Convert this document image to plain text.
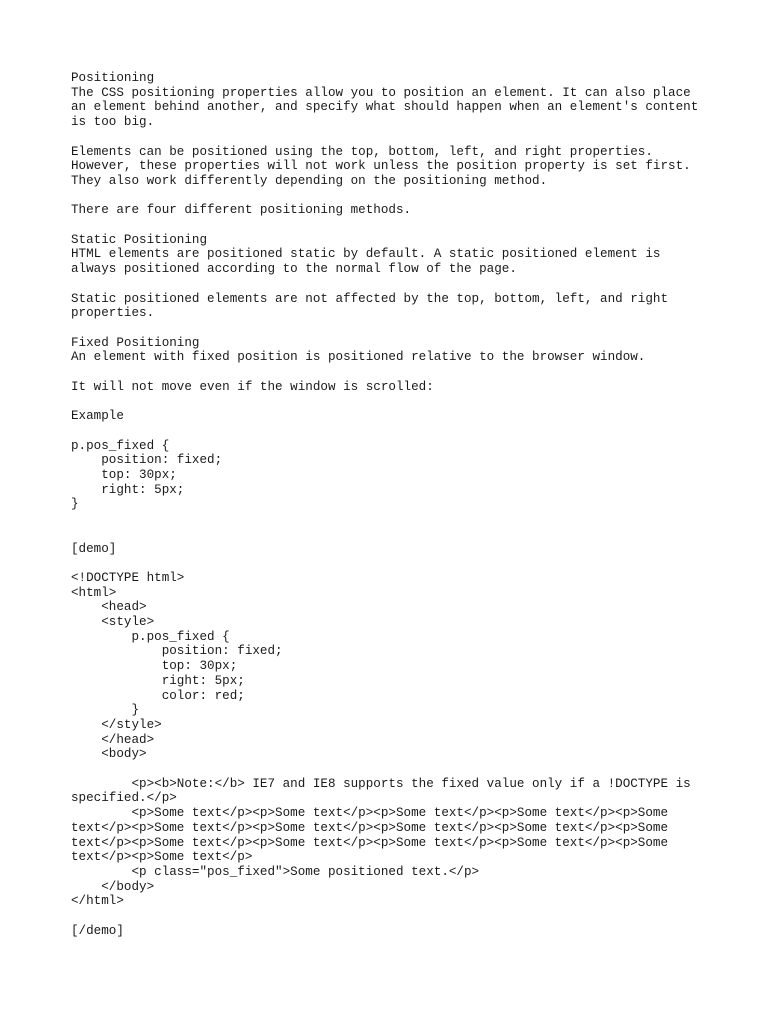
Positioning
The CSS positioning properties allow you to position an element. It can also place
an element behind another, and specify what should happen when an element's content
is too big.

Elements can be positioned using the top, bottom, left, and right properties.
However, these properties will not work unless the position property is set first.
They also work differently depending on the positioning method.

There are four different positioning methods.

Static Positioning
HTML elements are positioned static by default. A static positioned element is
always positioned according to the normal flow of the page.

Static positioned elements are not affected by the top, bottom, left, and right
properties.

Fixed Positioning
An element with fixed position is positioned relative to the browser window.

It will not move even if the window is scrolled:

Example

p.pos_fixed {
position: fixed;
top: 30px;
right: 5px;
}

[demo]

<!DOCTYPE html>
<html>
<head>
<style>
p.pos_fixed {
position: fixed;
top: 30px;
right: 5px;
color: red;
}
</style>
</head>
<body>

<p><b>Note:</b> IE7 and IE8 supports the fixed value only if a !DOCTYPE is
specified.</p>
<p>Some text</p><p>Some text</p><p>Some text</p><p>Some text</p><p>Some
text</p><p>Some text</p><p>Some text</p><p>Some text</p><p>Some text</p><p>Some
text</p><p>Some text</p><p>Some text</p><p>Some text</p><p>Some text</p><p>Some
text</p><p>Some text</p>
<p class="pos_fixed">Some positioned text.</p>
</body>
</html>

[/demo]
